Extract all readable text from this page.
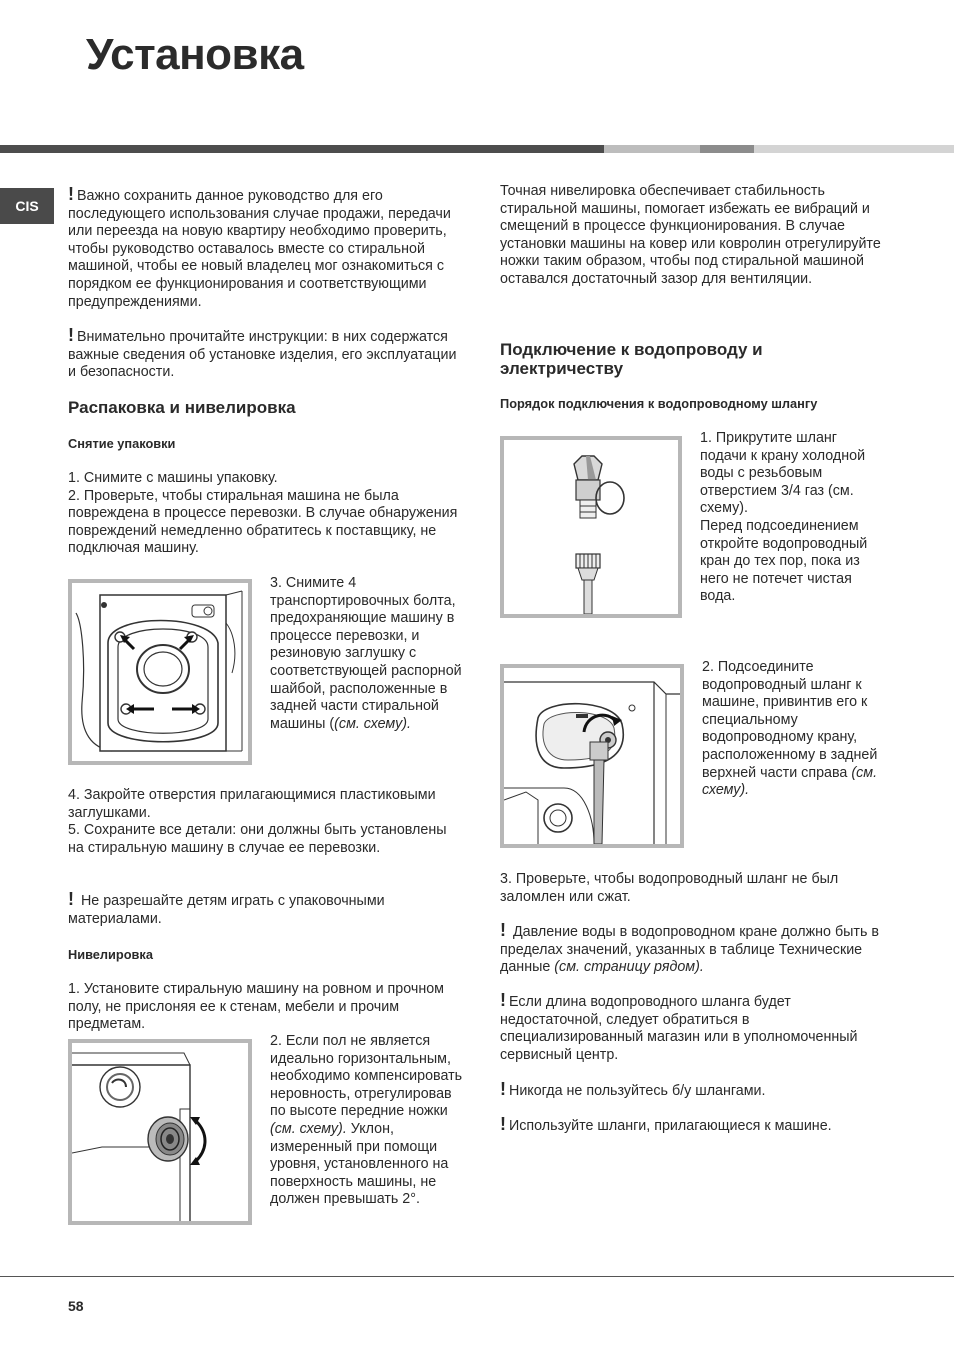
Установка
CIS

! Важно сохранить данное руководство для его последующего использования случае продажи, передачи или переезда на новую квартиру необходимо проверить, чтобы руководство оставалось вместе со стиральной машиной, чтобы ее новый владелец мог ознакомиться с порядком ее функционирования и соответствующими предупреждениями.

! Внимательно прочитайте инструкции: в них содержатся важные сведения об установке изделия, его эксплуатации и безопасности.

Распаковка и нивелировка
Снятие упаковки

1. Снимите с машины упаковку.

2. Проверьте, чтобы стиральная машина не была повреждена в процессе перевозки. В случае обнаружения повреждений немедленно обратитесь к поставщику, не подключая машину.

3. Снимите 4 транспортировочных болта, предохраняющие машину в процессе перевозки, и резиновую заглушку с соответствующей распорной шайбой, расположенные в задней части стиральной машины ((см. схему).

4. Закройте отверстия прилагающимися пластиковыми заглушками.

5. Сохраните все детали: они должны быть установлены на стиральную машину в случае ее перевозки.

! Не разрешайте детям играть с упаковочными материалами.

Нивелировка

1. Установите стиральную машину на ровном и прочном полу, не прислоняя ее к стенам, мебели и прочим предметам.

2. Если пол не является идеально горизонтальным, необходимо компенсировать неровность, отрегулировав по высоте передние ножки (см. схему). Уклон, измеренный при помощи уровня, установленного на поверхность машины, не должен превышать 2°.

Точная нивелировка обеспечивает стабильность стиральной машины, помогает избежать ее вибраций и смещений в процессе функционирования. В случае установки машины на ковер или ковролин отрегулируйте ножки таким образом, чтобы под стиральной машиной оставался достаточный зазор для вентиляции.

Подключение к водопроводу и электричеству
Порядок подключения к водопроводному шлангу

1. Прикрутите шланг подачи к крану холодной воды с резьбовым отверстием 3/4 газ (см. схему).

Перед подсоединением откройте водопроводный кран до тех пор, пока из него не потечет чистая вода.

2. Подсоедините водопроводный шланг к машине, привинтив его к специальному водопроводному крану, расположенному в задней верхней части справа (см. схему).

3. Проверьте, чтобы водопроводный шланг не был заломлен или сжат.

! Давление воды в водопроводном кране должно быть в пределах значений, указанных в таблице Технические данные (см. страницу рядом).

! Если длина водопроводного шланга будет недостаточной, следует обратиться в специализированный магазин или в уполномоченный сервисный центр.

! Никогда не пользуйтесь б/у шлангами.

! Используйте шланги, прилагающиеся к машине.

58
